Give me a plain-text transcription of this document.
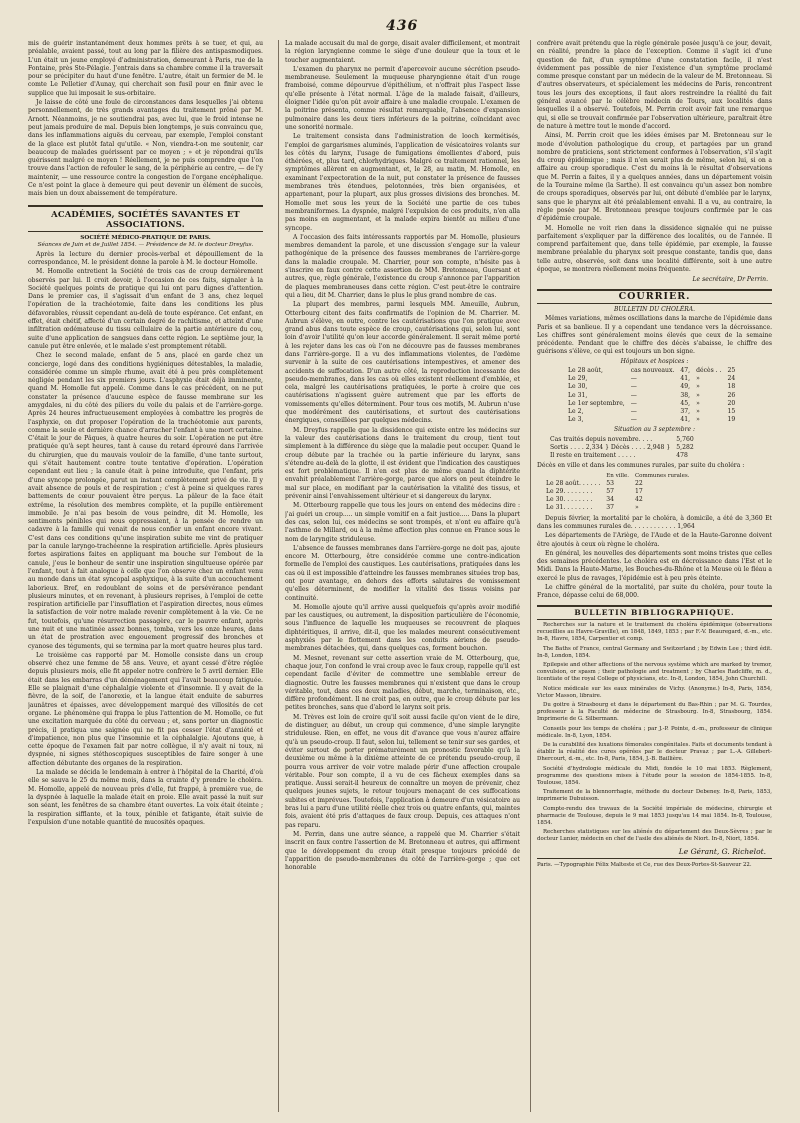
436

mis de guérir instantanément deux hommes prêts à se tuer, et qui, au préalable, avaient passé, tout au long par la filière des antispasmodiques. L'un était un jeune employé d'administration, demeurant à Paris, rue de la Fontaine, près Ste-Pélagie. J'entrais dans sa chambre comme il la traversait pour se précipiter du haut d'une fenêtre. L'autre, était un fermier de M. le comte Le Pelletier d'Aunay, qui cherchait son fusil pour en finir avec le supplice que lui imposait le sus-orbitaire.

Je laisse de côté une foule de circonstances dans lesquelles j'ai obtenu personnellement, de très grands avantages du traitement prôné par M. Arnott. Néanmoins, je ne soutiendrai pas, avec lui, que le froid intense ne peut jamais produire de mal. Depuis bien longtemps, je suis convaincu que, dans les inflammations aiguës du cerveau, par exemple, l'emploi constant de la glace est plutôt fatal qu'utile. « Non, viendra-t-on me soutenir, car beaucoup de malades guérissent par ce moyen ; » et je répondrai qu'ils guérissent malgré ce moyen ! Réellement, je ne puis comprendre que l'on trouve dans l'action de refouler le sang, de la périphérie au centre, — de l'y maintenir, — une ressource contre la congestion de l'organe encéphalique. Ce n'est point la glace à demeure qui peut devenir un élément de succès, mais bien un doux abaissement de température.

ACADÉMIES, SOCIÉTÉS SAVANTES ET ASSOCIATIONS.
SOCIÉTÉ MÉDICO-PRATIQUE DE PARIS.
Séances de Juin et de Juillet 1854. — Présidence de M. le docteur Dreyfus.

Après la lecture du dernier procès-verbal et dépouillement de la correspondance, M. le président donne la parole à M. le docteur Homolle.

M. Homolle entretient la Société de trois cas de croup dernièrement observés par lui. Il croit devoir, à l'occasion de ces faits, signaler à la Société quelques points de pratique qui lui ont paru dignes d'attention. Dans le premier cas, il s'agissait d'un enfant de 3 ans, chez lequel l'opération de la trachéotomie, faite dans les conditions les plus défavorables, réussit cependant au-delà de toute espérance. Cet enfant, en effet, était chétif, affecté d'un certain degré de rachitisme, et atteint d'une infiltration œdémateuse du tissu cellulaire de la partie antérieure du cou, suite d'une application de sangsues dans cette région. Le septième jour, la canule put être enlevée, et le malade s'est promptement rétabli.

Chez le second malade, enfant de 5 ans, placé en garde chez un concierge, logé dans des conditions hygiéniques détestables, la maladie, considérée comme un simple rhume, avait été à peu près complètement négligée pendant les six premiers jours. L'asphyxie était déjà imminente, quand M. Homolle fut appelé. Comme dans le cas précédent, on ne put constater la présence d'aucune espèce de fausse membrane sur les amygdales, ni du côté des piliers du voile du palais et de l'arrière-gorge. Après 24 heures infructueusement employées à combattre les progrès de l'asphyxie, on dut proposer l'opération de la trachéotomie aux parents, comme la seule et dernière chance d'arracher l'enfant à une mort certaine. C'était le jour de Pâques, à quatre heures du soir. L'opération ne put être pratiquée qu'à sept heures, tant à cause du retard éprouvé dans l'arrivée du chirurgien, que du mauvais vouloir de la famille, d'une tante surtout, qui s'était hautement contre toute tentative d'opération. L'opération cependant eut lieu ; la canule était à peine introduite, que l'enfant, pris d'une syncope prolongée, parut un instant complètement privé de vie. Il y avait absence de pouls et de respiration ; c'est à peine si quelques rares battements de cœur pouvaient être perçus. La pâleur de la face était extrême, la résolution des membres complète, et la pupille entièrement immobile. Je n'ai pas besoin de vous peindre, dit M. Homolle, les sentiments pénibles qui nous oppressaient, à la pensée de rendre un cadavre à la famille qui venait de nous confier un enfant encore vivant. C'est dans ces conditions qu'une inspiration subite me vint de pratiquer par la canule laryngo-trachéenne la respiration artificielle. Après plusieurs fortes aspirations faites en appliquant ma bouche sur l'embout de la canule, j'eus le bonheur de sentir une inspiration singultueuse opérée par l'enfant, tout à fait analogue à celle que l'on observe chez un enfant venu au monde dans un état syncopal asphyxique, à la suite d'un accouchement laborieux. Bref, en redoublant de soins et de persévérance pendant plusieurs minutes, et en revenant, à plusieurs reprises, à l'emploi de cette respiration artificielle par l'insufflation et l'aspiration directes, nous eûmes la satisfaction de voir notre malade revenir complètement à la vie. Ce ne fut, toutefois, qu'une résurrection passagère, car le pauvre enfant, après une nuit et une matinée assez bonnes, tomba, vers les onze heures, dans un état de prostration avec engouement progressif des bronches et cyanose des téguments, qui se termina par la mort quatre heures plus tard.

Le troisième cas rapporté par M. Homolle consiste dans un croup observé chez une femme de 58 ans. Veuve, et ayant cessé d'être réglée depuis plusieurs mois, elle fit appeler notre confrère le 5 avril dernier. Elle était dans les embarras d'un déménagement qui l'avait beaucoup fatiguée. Elle se plaignait d'une céphalalgie violente et d'insomnie. Il y avait de la fièvre, de la soif, de l'anorexie, et la langue était enduite de saburres jaunâtres et épaisses, avec développement marqué des villosités de cet organe. Le phénomène qui frappa le plus l'attention de M. Homolle, ce fut une excitation marquée du côté du cerveau ; et, sans porter un diagnostic précis, il pratiqua une saignée qui ne fit pas cesser l'état d'anxiété et d'impatience, non plus que l'insomnie et la céphalalgie. Ajoutons que, à cette époque de l'examen fait par notre collègue, il n'y avait ni toux, ni dyspnée, ni signes stéthoscopiques susceptibles de faire songer à une affection débutante des organes de la respiration.

La malade se décida le lendemain à entrer à l'hôpital de la Charité, d'où elle se sauva le 25 du même mois, dans la crainte d'y prendre le choléra. M. Homolle, appelé de nouveau près d'elle, fut frappé, à première vue, de la dyspnée à laquelle la malade était en proie. Elle avait passé la nuit sur son séant, les fenêtres de sa chambre étant ouvertes. La voix était éteinte ; la respiration sifflante, et la toux, pénible et fatigante, était suivie de l'expulsion d'une notable quantité de mucosités opaques.

La malade accusait du mal de gorge, disait avaler difficilement, et montrait la région laryngienne comme le siège d'une douleur que la toux et le toucher augmentaient.

L'examen du pharynx ne permit d'apercevoir aucune sécrétion pseudo-membraneuse. Seulement la muqueuse pharyngienne était d'un rouge framboisé, comme dépourvue d'épithélium, et n'offrait plus l'aspect lisse qu'elle présente à l'état normal. L'âge de la malade faisait, d'ailleurs, éloigner l'idée qu'on pût avoir affaire à une maladie croupale. L'examen de la poitrine présenta, comme résultat remarquable, l'absence d'expansion pulmonaire dans les deux tiers inférieurs de la poitrine, coïncidant avec une sonorité normale.

Le traitement consista dans l'administration de looch kermétisés, l'emploi de gargarismes aluminés, l'application de vésicatoires volants sur les côtés du larynx, l'usage de fumigations émollientes d'abord, puis éthérées, et, plus tard, chlorhydriques. Malgré ce traitement rationnel, les symptômes allèrent en augmentant, et, le 28, au matin, M. Homolle, en examinant l'expectoration de la nuit, put constater la présence de fausses membranes très étendues, pelotonnées, très bien organisées, et appartenant, pour la plupart, aux plus grosses divisions des bronches. M. Homolle met sous les yeux de la Société une partie de ces tubes membraniformes. La dyspnée, malgré l'expulsion de ces produits, n'en alla pas moins en augmentant, et la malade expira bientôt au milieu d'une syncope.

A l'occasion des faits intéressants rapportés par M. Homolle, plusieurs membres demandent la parole, et une discussion s'engage sur la valeur pathogénique de la présence des fausses membranes de l'arrière-gorge dans la maladie croupale. M. Charrier, pour son compte, n'hésite pas à s'inscrire en faux contre cette assertion de MM. Bretonneau, Guersant et autres, que, règle générale, l'existence du croup s'annonce par l'apparition de plaques membraneuses dans cette région. C'est peut-être le contraire qui a lieu, dit M. Charrier, dans le plus le plus grand nombre de cas.

La plupart des membres, parmi lesquels MM. Ameuille, Aubrun, Otterbourg citent des faits confirmatifs de l'opinion de M. Charrier. M. Aubrun s'élève, en outre, contre les cautérisations que l'on pratique avec grand abus dans toute espèce de croup, cautérisations qui, selon lui, sont loin d'avoir l'utilité qu'on leur accorde généralement. Il serait même porté à les rejeter dans les cas où l'on ne découvre pas de fausses membranes dans l'arrière-gorge. Il a vu des inflammations violentes, de l'œdème survenir à la suite de ces cautérisations intempestives, et amener des accidents de suffocation. D'un autre côté, la reproduction incessante des pseudo-membranes, dans les cas où elles existent réellement d'emblée, et cela, malgré les cautérisations pratiquées, le porte à croire que ces cautérisations n'agissent guère autrement que par les efforts de vomissements qu'elles déterminent. Pour tous ces motifs, M. Aubrun n'use que modérément des cautérisations, et surtout des cautérisations énergiques, conseillées par quelques médecins.

M. Dreyfus rappelle que la dissidence qui existe entre les médecins sur la valeur des cautérisations dans le traitement du croup, tient tout simplement à la différence du siège que la maladie peut occuper. Quand le croup débute par la trachée ou la partie inférieure du larynx, sans s'étendre au-delà de la glotte, il est évident que l'indication des caustiques est fort problématique. Il n'en est plus de même quand la diphtérite envahit préalablement l'arrière-gorge, parce que alors on peut éteindre le mal sur place, en modifiant par la cautérisation la vitalité des tissus, et prévenir ainsi l'envahissement ultérieur et si dangereux du larynx.

M. Otterbourg rappelle que tous les jours on entend des médecins dire : j'ai guéri un croup..... un simple vomitif en a fait justice..... Dans la plupart des cas, selon lui, ces médecins se sont trompés, et n'ont eu affaire qu'à l'asthme de Millard, ou à la même affection plus connue en France sous le nom de laryngite striduleuse.

L'absence de fausses membranes dans l'arrière-gorge ne doit pas, ajoute encore M. Otterbourg, être considérée comme une contre-indication formelle de l'emploi des caustiques. Les cautérisations, pratiquées dans les cas où il est impossible d'atteindre les fausses membranes situées trop bas, ont pour avantage, en dehors des efforts salutaires de vomissement qu'elles déterminent, de modifier la vitalité des tissus voisins par continuité.

M. Homolle ajoute qu'il arrive aussi quelquefois qu'après avoir modifié par les caustiques, ou autrement, la disposition particulière de l'économie, sous l'influence de laquelle les muqueuses se recouvrent de plaques diphtéritiques, il arrive, dit-il, que les malades meurent consécutivement asphyxiés par le flottement dans les conduits aériens de pseudo-membranes détachées, qui, dans quelques cas, forment bouchon.

M. Mesnet, revenant sur cette assertion vraie de M. Otterbourg, que, chaque jour, l'on confond le vrai croup avec le faux croup, rappelle qu'il est cependant facile d'éviter de commettre une semblable erreur de diagnostic. Outre les fausses membranes qui n'existent que dans le croup véritable, tout, dans ces deux maladies, début, marche, terminaison, etc., diffère profondément. Il ne croit pas, en outre, que le croup débute par les petites bronches, sans que d'abord le larynx soit pris.

M. Trèves est loin de croire qu'il soit aussi facile qu'on vient de le dire, de distinguer, au début, un croup qui commence, d'une simple laryngite striduleuse. Rien, en effet, ne vous dit d'avance que vous n'aurez affaire qu'à un pseudo-croup. Il faut, selon lui, tellement se tenir sur ses gardes, et éviter surtout de porter prématurément un pronostic favorable qu'à la deuxième ou même à la dixième atteinte de ce prétendu pseudo-croup, il pourra vous arriver de voir votre malade périr d'une affection croupale véritable. Pour son compte, il a vu de ces fâcheux exemples dans sa pratique. Aussi serait-il heureux de connaître un moyen de prévenir, chez quelques jeunes sujets, le retour toujours menaçant de ces suffocations subites et imprévues. Toutefois, l'application à demeure d'un vésicatoire au bras lui a paru d'une utilité réelle chez trois ou quatre enfants, qui, maintes fois, avaient été pris d'attaques de faux croup. Depuis, ces attaques n'ont pas reparu.

M. Perrin, dans une autre séance, a rappelé que M. Charrier s'était inscrit en faux contre l'assertion de M. Bretonneau et autres, qui affirment que le développement du croup était presque toujours précédé de l'apparition de pseudo-membranes du côté de l'arrière-gorge ; que cet honorable

confrère avait prétendu que la règle générale posée jusqu'à ce jour, devait, en réalité, prendre la place de l'exception. Comme il s'agit ici d'une question de fait, d'un symptôme d'une constatation facile, il n'est évidemment pas possible de nier l'existence d'un symptôme proclamé comme presque constant par un médecin de la valeur de M. Bretonneau. Si d'autres observateurs, et spécialement les médecins de Paris, rencontrent tous les jours des exceptions, il faut alors restreindre la réalité du fait général avancé par le célèbre médecin de Tours, aux localités dans lesquelles il a observé. Toutefois, M. Perrin croit avoir fait une remarque qui, si elle se trouvait confirmée par l'observation ultérieure, paraîtrait être de nature à mettre tout le monde d'accord.

Ainsi, M. Perrin croit que les idées émises par M. Bretonneau sur le mode d'évolution pathologique du croup, et partagées par un grand nombre de praticiens, sont strictement conformes à l'observation, s'il s'agit du croup épidémique ; mais il n'en serait plus de même, selon lui, si on a affaire au croup sporadique. C'est du moins là le résultat d'observations que M. Perrin a faites, il y a quelques années, dans un département voisin de la Touraine même (la Sarthe). Il est convaincu qu'un assez bon nombre de croups sporadiques, observés par lui, ont débuté d'emblée par le larynx, sans que le pharynx ait été préalablement envahi. Il a vu, au contraire, la règle posée par M. Bretonneau presque toujours confirmée par le cas d'épidémie croupale.

M. Homolle ne voit rien dans la dissidence signalée qui ne puisse parfaitement s'expliquer par la différence des localités, ou de l'année. Il comprend parfaitement que, dans telle épidémie, par exemple, la fausse membrane préalable du pharynx soit presque constante, tandis que, dans telle autre, observée, soit dans une localité différente, soit à une autre époque, se montrera réellement moins fréquente.

Le secrétaire, Dr Perrin.
COURRIER.
BULLETIN DU CHOLÉRA.

Mêmes variations, mêmes oscillations dans la marche de l'épidémie dans Paris et sa banlieue. Il y a cependant une tendance vers la décroissance. Les chiffres sont généralement moins élevés que ceux de la semaine précédente. Pendant que le chiffre des décès s'abaisse, le chiffre des guérisons s'élève, ce qui est toujours un bon signe.

Hôpitaux et hospices :
Le 28 août,	cas nouveaux.	47,	décès . .	25
Le 29,	—	41,	»	24
Le 30,	—	49,	»	18
Le 31,	—	38,	»	26
Le 1er septembre,	—	45,	»	20
Le 2,	—	37,	»	15
Le 3,	—	41,	»	19
Situation au 3 septembre :
Cas traités depuis novembre. . . .	5,760
Sortis . . . . 2,334 } Décès . . . . 2,948 }	5,282
Il reste en traitement . . . . .	478

Décès en ville et dans les communes rurales, par suite du choléra :

	En ville.	Communes rurales.
Le 28 août. . . . . .	53	22
Le 29. . . . . . . .	57	17
Le 30. . . . . . . .	34	42
Le 31. . . . . . . .	37	»

Depuis février, la mortalité par le choléra, à domicile, a été de 3,360 Et dans les communes rurales de. . . . . . . . . . . . 1,964

Les départements de l'Ariège, de l'Aude et de la Haute-Garonne doivent être ajoutés à ceux où règne le choléra.

En général, les nouvelles des départements sont moins tristes que celles des semaines précédentes. Le choléra est en décroissance dans l'Est et le Midi. Dans la Haute-Marne, les Bouches-du-Rhône et la Meuse où le fléau a exercé le plus de ravages, l'épidémie est à peu près éteinte.

Le chiffre général de la mortalité, par suite du choléra, pour toute la France, dépasse celui de 68,000.

BULLETIN BIBLIOGRAPHIQUE.

Recherches sur la nature et le traitement du choléra épidémique (observations recueillies au Havre-Graville), en 1848, 1849, 1853 ; par F.-V. Beauregard, d.-m., etc. In-8, Havre, 1854, Carpentier et comp.

The Baths of France, central Germany and Switzerland ; by Edwin Lee ; third édit. In-8, London, 1854.

Epilepsie and other affections of the nervous système which are marked by tremor, convulsion, or spasm ; their pathologie and treatment ; by Charles Radcliffe, m. d., licentiate of the royal College of physicians, etc. In-8, London, 1854, John Churchill.

Notice médicale sur les eaux minérales de Vichy. (Anonyme.) In-8, Paris, 1854, Victor Masson, libraire.

Du goitre à Strasbourg et dans le département du Bas-Rhin ; par M. G. Tourdes, professeur à la Faculté de médecine de Strasbourg. In-8, Strasbourg, 1854. Imprimerie de G. Silbermann.

Conseils pour les temps de choléra ; par J.-P. Pointe, d.-m., professeur de clinique médicale. In-8, Lyon, 1854.

De la curabilité des luxations fémorales congénitales. Faits et documents tendant à établir la réalité des cures opérées par le docteur Pravaz ; par L.-A. Gillebert-Dhercourt, d.-m., etc. In-8, Paris, 1854, J.-B. Baillière.

Société d'hydrologie médicale du Midi, fondée le 10 mai 1853. Règlement, programme des questions mises à l'étude pour la session de 1854-1855. In-8, Toulouse, 1854.

Traitement de la blennorrhagie, méthode du docteur Debeney. In-8, Paris, 1853, imprimerie Dubuisson.

Compte-rendu des travaux de la Société impériale de médecine, chirurgie et pharmacie de Toulouse, depuis le 9 mai 1853 jusqu'au 14 mai 1854. In-8, Toulouse, 1854.

Recherches statistiques sur les aliénés du département des Deux-Sèvres ; par le docteur Lunier, médecin en chef de l'asile des aliénés de Niort. In-8, Niort, 1854.

Le Gérant, G. Richelot.
Paris. —Typographie Félix Malteste et Ce, rue des Deux-Portes-St-Sauveur 22.
